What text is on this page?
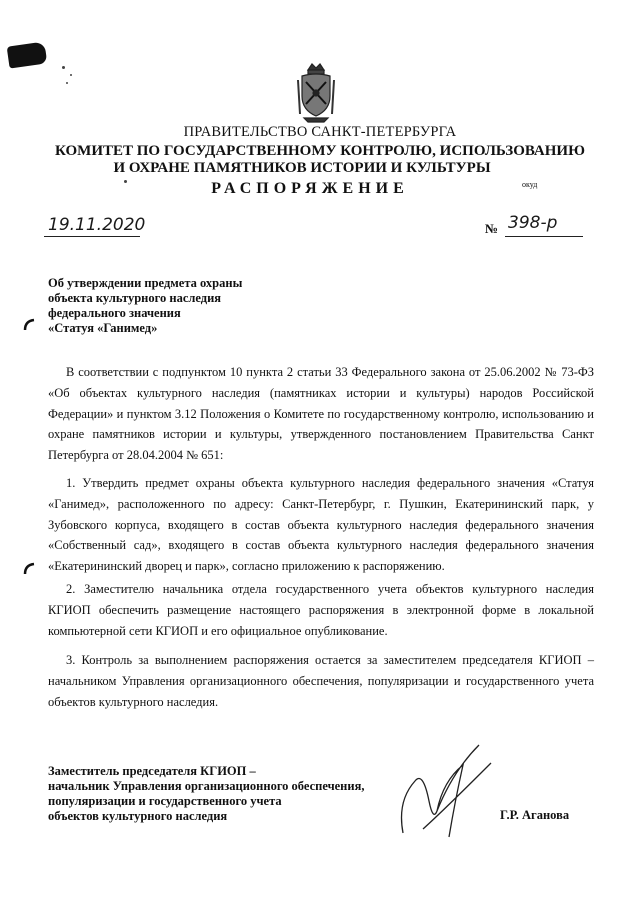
ПРАВИТЕЛЬСТВО САНКТ-ПЕТЕРБУРГА
КОМИТЕТ ПО ГОСУДАРСТВЕННОМУ КОНТРОЛЮ, ИСПОЛЬЗОВАНИЮ
И ОХРАНЕ ПАМЯТНИКОВ ИСТОРИИ И КУЛЬТУРЫ
РАСПОРЯЖЕНИЕ	окуд
19.11.2020	№ 398-р
Об утверждении предмета охраны
объекта культурного наследия
федерального значения
«Статуя «Ганимед»

В соответствии с подпунктом 10 пункта 2 статьи 33 Федерального закона от 25.06.2002 № 73-ФЗ «Об объектах культурного наследия (памятниках истории и культуры) народов Российской Федерации» и пунктом 3.12 Положения о Комитете по государственному контролю, использованию и охране памятников истории и культуры, утвержденного постановлением Правительства Санкт Петербурга от 28.04.2004 № 651:

1. Утвердить предмет охраны объекта культурного наследия федерального значения «Статуя «Ганимед», расположенного по адресу: Санкт-Петербург, г. Пушкин, Екатерининский парк, у Зубовского корпуса, входящего в состав объекта культурного наследия федерального значения «Собственный сад», входящего в состав объекта культурного наследия федерального значения «Екатерининский дворец и парк», согласно приложению к распоряжению.

2. Заместителю начальника отдела государственного учета объектов культурного наследия КГИОП обеспечить размещение настоящего распоряжения в электронной форме в локальной компьютерной сети КГИОП и его официальное опубликование.

3. Контроль за выполнением распоряжения остается за заместителем председателя КГИОП – начальником Управления организационного обеспечения, популяризации и государственного учета объектов культурного наследия.

Заместитель председателя КГИОП –
начальник Управления организационного обеспечения,
популяризации и государственного учета
объектов культурного наследия	Г.Р. Аганова
